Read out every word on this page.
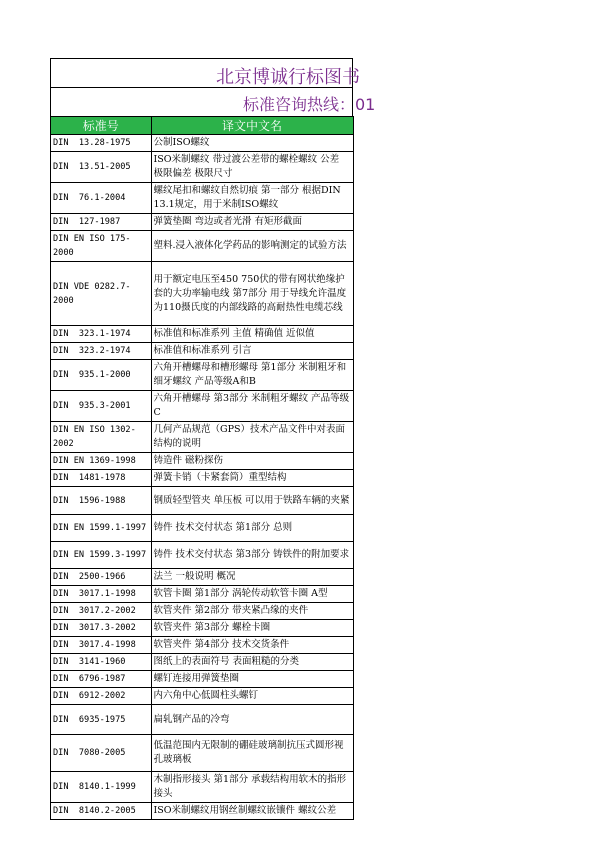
北京博诚行标图书
标准咨询热线：01
标准号	译文中文名
DIN  13.28-1975	公制ISO螺纹
DIN  13.51-2005	ISO米制螺纹 带过渡公差带的螺栓螺纹 公差 极限偏差 极限尺寸
DIN  76.1-2004	螺纹尾扣和螺纹自然切痕 第一部分 根据DIN 13.1规定，用于米制ISO螺纹
DIN  127-1987	弹簧垫圈 弯边或者光滑 有矩形截面
DIN EN ISO 175-2000	塑料.浸入液体化学药品的影响测定的试验方法
DIN VDE 0282.7-2000	用于额定电压至450 750伏的带有网状绝缘护套的大功率输电线 第7部分 用于导线允许温度为110摄氏度的内部线路的高耐热性电缆芯线
DIN  323.1-1974	标准值和标准系列 主值 精确值 近似值
DIN  323.2-1974	标准值和标准系列 引言
DIN  935.1-2000	六角开槽螺母和槽形螺母 第1部分 米制粗牙和细牙螺纹 产品等级A和B
DIN  935.3-2001	六角开槽螺母 第3部分 米制粗牙螺纹 产品等级C
DIN EN ISO 1302-2002	几何产品规范（GPS）技术产品文件中对表面结构的说明
DIN EN 1369-1998	铸造件 磁粉探伤
DIN  1481-1978	弹簧卡销（卡紧套筒）重型结构
DIN  1596-1988	钢质轻型管夹 单压板 可以用于铁路车辆的夹紧
DIN EN 1599.1-1997	铸件 技术交付状态 第1部分 总则
DIN EN 1599.3-1997	铸件 技术交付状态 第3部分 铸铁件的附加要求
DIN  2500-1966	法兰 一般说明 概况
DIN  3017.1-1998	软管卡圈 第1部分 涡轮传动软管卡圈 A型
DIN  3017.2-2002	软管夹件 第2部分 带夹紧凸缘的夹件
DIN  3017.3-2002	软管夹件 第3部分 螺栓卡圈
DIN  3017.4-1998	软管夹件 第4部分 技术交货条件
DIN  3141-1960	图纸上的表面符号 表面粗糙的分类
DIN  6796-1987	螺钉连接用弹簧垫圈
DIN  6912-2002	内六角中心低圆柱头螺钉
DIN  6935-1975	扁轧钢产品的冷弯
DIN  7080-2005	低温范围内无限制的硼硅玻璃制抗压式圆形视孔玻璃板
DIN  8140.1-1999	木制指形接头 第1部分 承载结构用软木的指形接头
DIN  8140.2-2005	ISO米制螺纹用钢丝制螺纹嵌镶件 螺纹公差
